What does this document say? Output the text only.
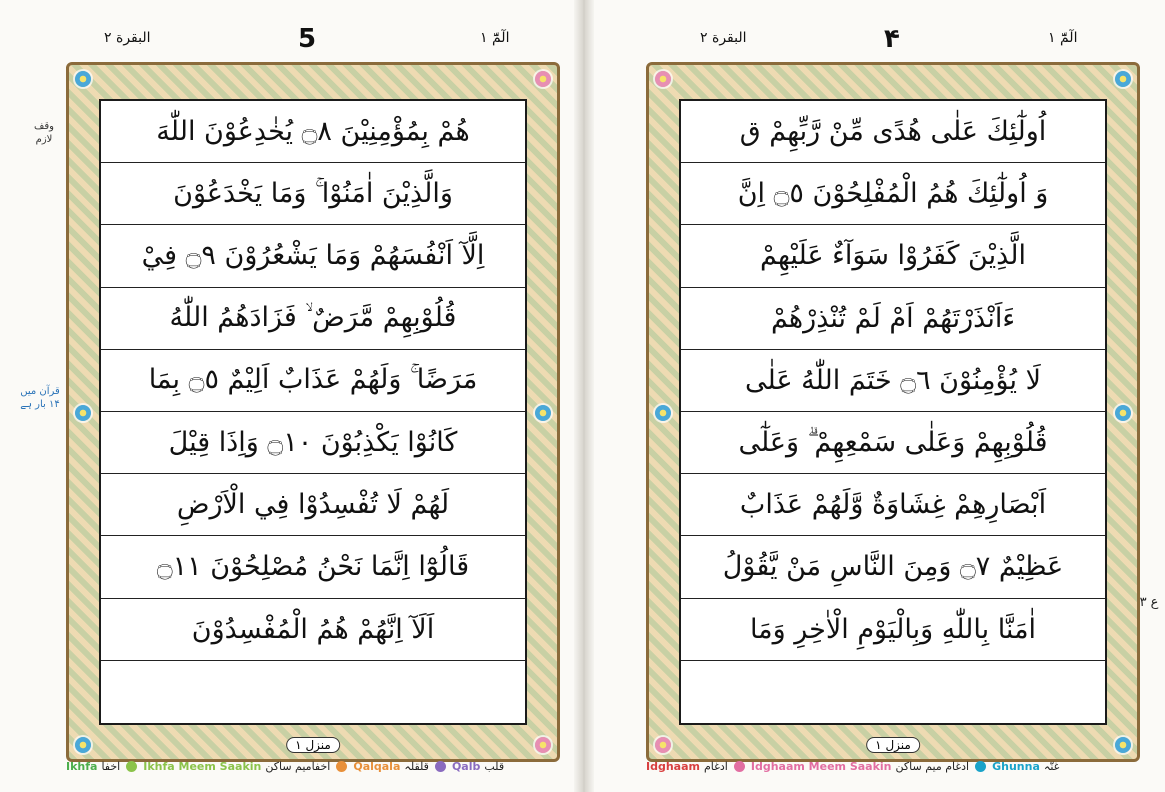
البقرة ٢	5	الٓمّٓ ١	البقرة ٢	۴	الٓمّٓ ١
هُمْ بِمُؤْمِنِيْنَ ۝٨ يُخٰدِعُوْنَ اللّٰهَ
وَالَّذِيْنَ اٰمَنُوْا ۚ وَمَا يَخْدَعُوْنَ
اِلَّآ اَنْفُسَهُمْ وَمَا يَشْعُرُوْنَ ۝٩ فِيْ
قُلُوْبِهِمْ مَّرَضٌ ۙ فَزَادَهُمُ اللّٰهُ
مَرَضًا ۚ وَلَهُمْ عَذَابٌ اَلِيْمٌ ۝٥ بِمَا
كَانُوْا يَكْذِبُوْنَ ۝١٠ وَاِذَا قِيْلَ
لَهُمْ لَا تُفْسِدُوْا فِي الْاَرْضِ
قَالُوْٓا اِنَّمَا نَحْنُ مُصْلِحُوْنَ ۝١١
اَلَآ اِنَّهُمْ هُمُ الْمُفْسِدُوْنَ
منزل ١
اُولٰٓئِكَ عَلٰى هُدًى مِّنْ رَّبِّهِمْ ق
وَ اُولٰٓئِكَ هُمُ الْمُفْلِحُوْنَ ۝٥ اِنَّ
الَّذِيْنَ كَفَرُوْا سَوَآءٌ عَلَيْهِمْ
ءَاَنْذَرْتَهُمْ اَمْ لَمْ تُنْذِرْهُمْ
لَا يُؤْمِنُوْنَ ۝٦ خَتَمَ اللّٰهُ عَلٰى
قُلُوْبِهِمْ وَعَلٰى سَمْعِهِمْ ۗ وَعَلٰٓى
اَبْصَارِهِمْ غِشَاوَةٌ وَّلَهُمْ عَذَابٌ
عَظِيْمٌ ۝٧ وَمِنَ النَّاسِ مَنْ يَّقُوْلُ
اٰمَنَّا بِاللّٰهِ وَبِالْيَوْمِ الْاٰخِرِ وَمَا
منزل ١
وقف لازم
قرآن میں ۱۴ بار ہے
ع ٣
Ikhfa اخفا Ikhfa Meem Saakin اخفامیم ساکن Qalqala قلقلہ Qalb قلب	Idghaam ادغام Idghaam Meem Saakin ادغام میم ساکن Ghunna غنّہ
